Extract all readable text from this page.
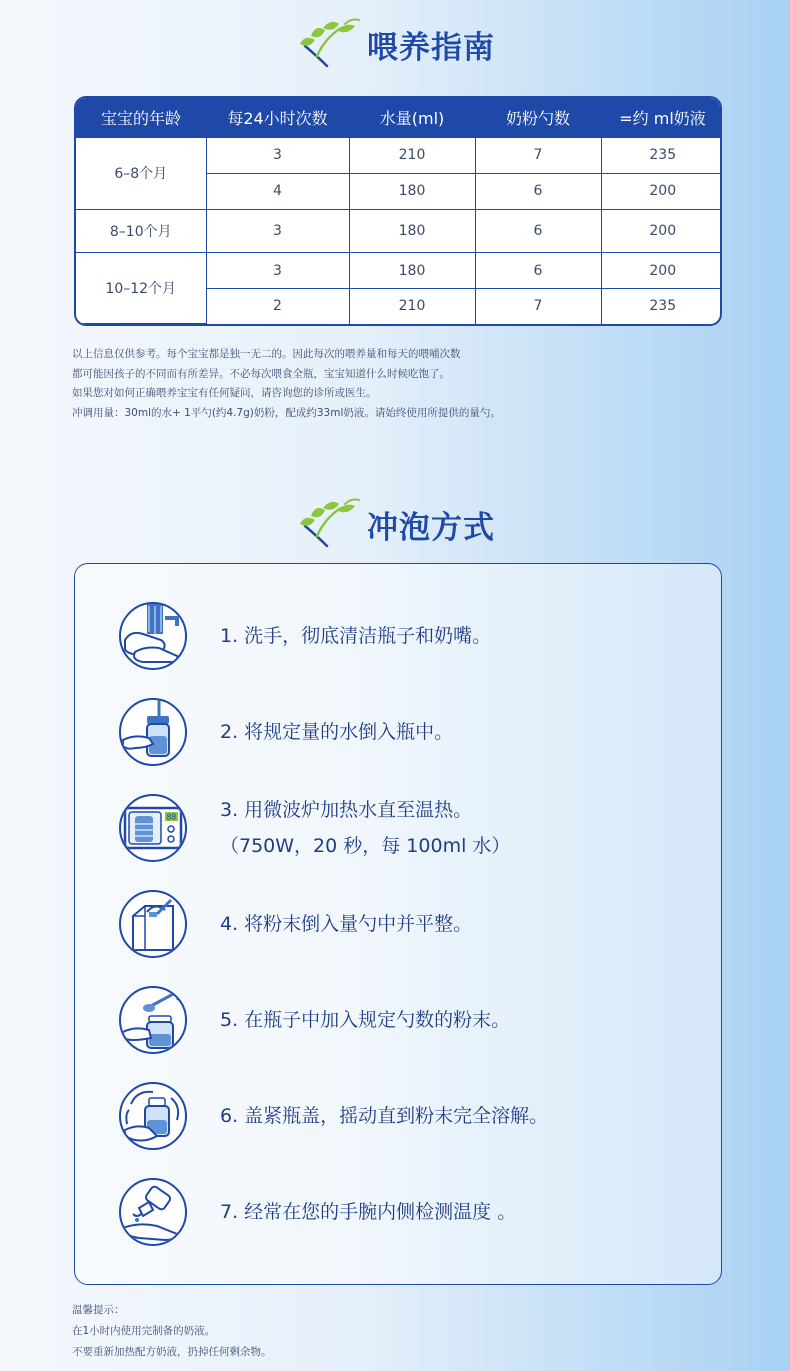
喂养指南
宝宝的年龄	每24小时次数	水量(ml)	奶粉勺数	=约 ml奶液
6–8个月	3	210	7	235
	4	180	6	200
8–10个月	3	180	6	200
10–12个月	3	180	6	200
	2	210	7	235
以上信息仅供参考。每个宝宝都是独一无二的。因此每次的喂养量和每天的喂哺次数
都可能因孩子的不同而有所差异。不必每次喂食全瓶，宝宝知道什么时候吃饱了。
如果您对如何正确喂养宝宝有任何疑问，请咨询您的诊所或医生。
冲调用量：30ml的水+ 1平勺(约4.7g)奶粉，配成约33ml奶液。请始终使用所提供的量勺。
冲泡方式
1. 洗手，彻底清洁瓶子和奶嘴。
2. 将规定量的水倒入瓶中。
88 3. 用微波炉加热水直至温热。
（750W，20 秒，每 100ml 水）
4. 将粉末倒入量勺中并平整。
5. 在瓶子中加入规定勺数的粉末。
6. 盖紧瓶盖，摇动直到粉末完全溶解。
7. 经常在您的手腕内侧检测温度 。
温馨提示：
在1小时内使用完制备的奶液。
不要重新加热配方奶液，扔掉任何剩余物。
